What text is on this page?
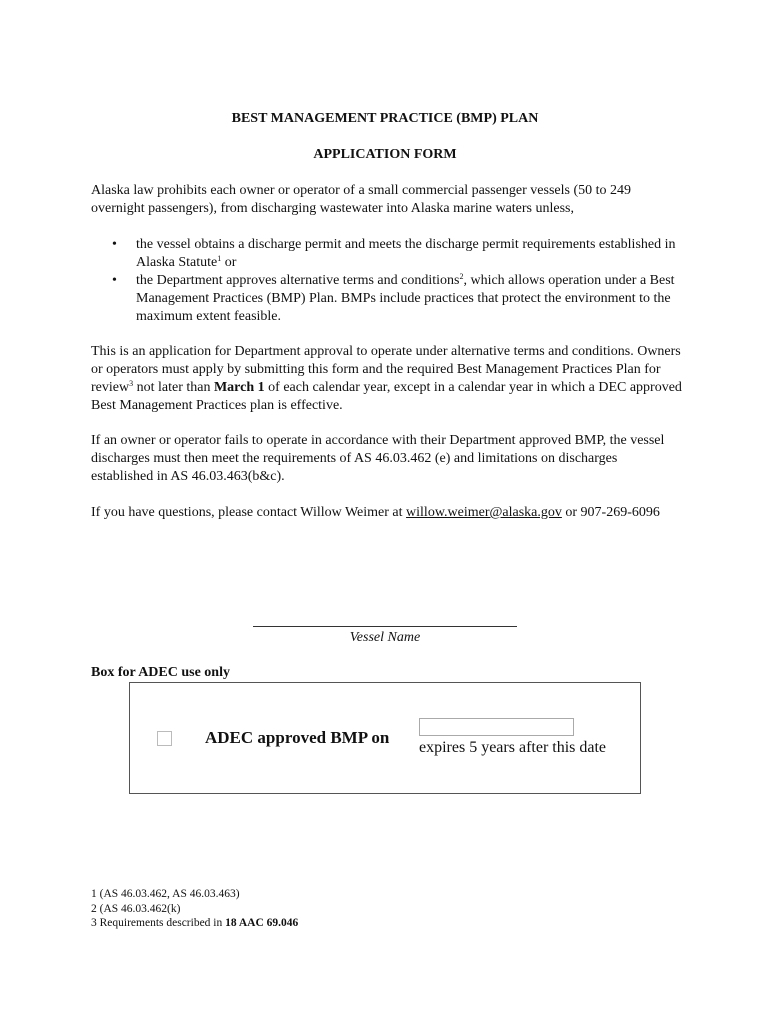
BEST MANAGEMENT PRACTICE (BMP) PLAN
APPLICATION FORM
Alaska law prohibits each owner or operator of a small commercial passenger vessels (50 to 249 overnight passengers), from discharging wastewater into Alaska marine waters unless,
• the vessel obtains a discharge permit and meets the discharge permit requirements established in Alaska Statute$^1$ or
• the Department approves alternative terms and conditions$^2$, which allows operation under a Best Management Practices (BMP) Plan. BMPs include practices that protect the environment to the maximum extent feasible.
This is an application for Department approval to operate under alternative terms and conditions. Owners or operators must apply by submitting this form and the required Best Management Practices Plan for review$^3$ not later than March 1 of each calendar year, except in a calendar year in which a DEC approved Best Management Practices plan is effective.
If an owner or operator fails to operate in accordance with their Department approved BMP, the vessel discharges must then meet the requirements of AS 46.03.462 (e) and limitations on discharges established in AS 46.03.463(b&c).
If you have questions, please contact Willow Weimer at willow.weimer@alaska.gov or 907-269-6096
Vessel Name
Box for ADEC use only
ADEC approved BMP on
expires 5 years after this date
1 (AS 46.03.462, AS 46.03.463)
2 (AS 46.03.462(k)
3 Requirements described in 18 AAC 69.046
